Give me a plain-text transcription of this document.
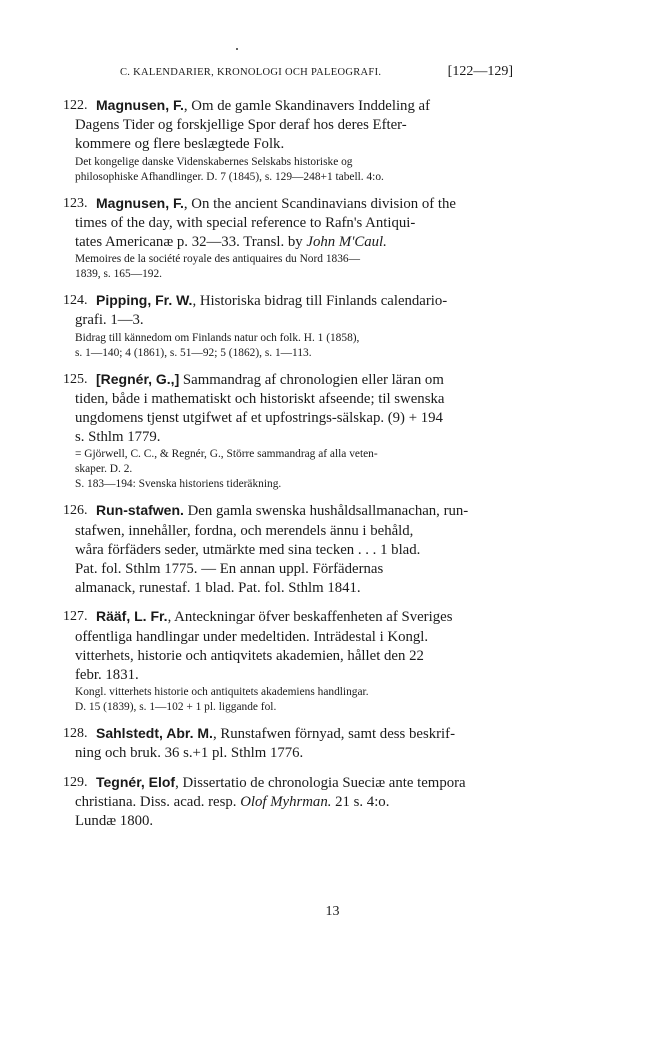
C. KALENDARIER, KRONOLOGI OCH PALEOGRAFI.	[122—129]
122. Magnusen, F., Om de gamle Skandinavers Inddeling af
Dagens Tider og forskjellige Spor deraf hos deres Efter-
kommere og flere beslægtede Folk.
Det kongelige danske Videnskabernes Selskabs historiske og
philosophiske Afhandlinger. D. 7 (1845), s. 129—248+1 tabell. 4:o.
123. Magnusen, F., On the ancient Scandinavians division of the
times of the day, with special reference to Rafn's Antiqui-
tates Americanæ p. 32—33. Transl. by John M'Caul.
Memoires de la société royale des antiquaires du Nord 1836—
1839, s. 165—192.
124. Pipping, Fr. W., Historiska bidrag till Finlands calendario-
grafi. 1—3.
Bidrag till kännedom om Finlands natur och folk. H. 1 (1858),
s. 1—140; 4 (1861), s. 51—92; 5 (1862), s. 1—113.
125. [Regnér, G.,] Sammandrag af chronologien eller läran om
tiden, både i mathematiskt och historiskt afseende; til swenska
ungdomens tjenst utgifwet af et upfostrings-sälskap. (9) + 194
s. Sthlm 1779.
= Gjörwell, C. C., & Regnér, G., Större sammandrag af alla veten-
skaper. D. 2.
S. 183—194: Svenska historiens tideräkning.
126. Run-stafwen. Den gamla swenska hushåldsallmanachan, run-
stafwen, innehåller, fordna, och merendels ännu i behåld,
wåra förfäders seder, utmärkte med sina tecken . . . 1 blad.
Pat. fol. Sthlm 1775. — En annan uppl. Förfädernas
almanack, runestaf. 1 blad. Pat. fol. Sthlm 1841.
127. Rääf, L. Fr., Anteckningar öfver beskaffenheten af Sveriges
offentliga handlingar under medeltiden. Inträdestal i Kongl.
vitterhets, historie och antiqvitets akademien, hållet den 22
febr. 1831.
Kongl. vitterhets historie och antiquitets akademiens handlingar.
D. 15 (1839), s. 1—102 + 1 pl. liggande fol.
128. Sahlstedt, Abr. M., Runstafwen förnyad, samt dess beskrif-
ning och bruk. 36 s.+1 pl. Sthlm 1776.
129. Tegnér, Elof, Dissertatio de chronologia Sueciæ ante tempora
christiana. Diss. acad. resp. Olof Myhrman. 21 s. 4:o.
Lundæ 1800.
13
